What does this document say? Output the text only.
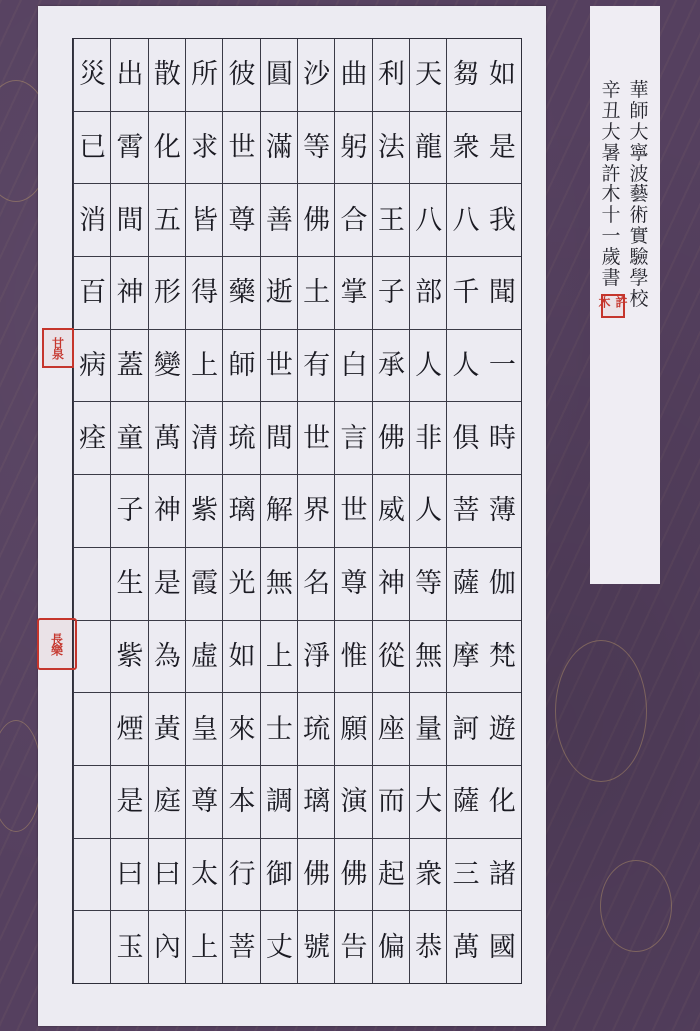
如
是
我
聞
一
時
薄
伽
梵
遊
化
諸
國
芻
衆
八
千
人
俱
菩
薩
摩
訶
薩
三
萬
天
龍
八
部
人
非
人
等
無
量
大
衆
恭
利
法
王
子
承
佛
威
神
從
座
而
起
偏
曲
躬
合
掌
白
言
世
尊
惟
願
演
佛
告
沙
等
佛
土
有
世
界
名
淨
琉
璃
佛
號
圓
滿
善
逝
世
間
解
無
上
士
調
御
丈
彼
世
尊
藥
師
琉
璃
光
如
來
本
行
菩
所
求
皆
得
上
清
紫
霞
虛
皇
尊
太
上
散
化
五
形
變
萬
神
是
為
黃
庭
曰
內
出
霄
間
神
蓋
童
子
生
紫
煙
是
曰
玉
災
已
消
百
病
痊
華
師
大
寧
波
藝
術
實
驗
學
校
辛
丑
大
暑
許
木
十
一
歲
書
許木
甘泉
長樂
